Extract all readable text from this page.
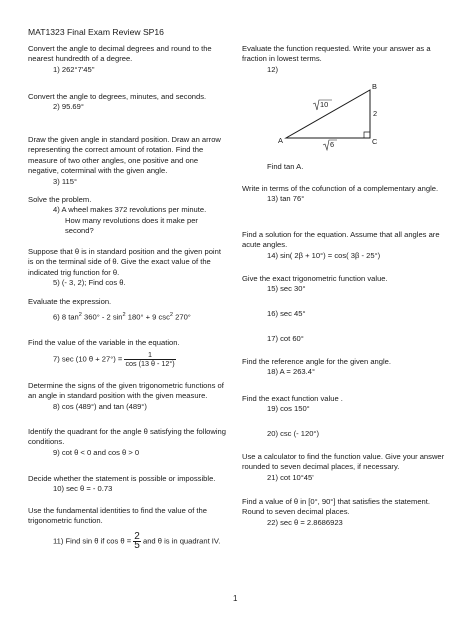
MAT1323 Final Exam Review SP16

Convert the angle to decimal degrees and round to the nearest hundredth of a degree.

1) 262°7'45''

Convert the angle to degrees, minutes, and seconds.

2) 95.69°

Draw the given angle in standard position. Draw an arrow representing the correct amount of rotation. Find the measure of two other angles, one positive and one negative, coterminal with the given angle.

3) 115°

Solve the problem.

4) A wheel makes 372 revolutions per minute.

How many revolutions does it make per second?

Suppose that θ is in standard position and the given point is on the terminal side of θ. Give the exact value of the indicated trig function for θ.

5) (- 3, 2); Find cos θ.

Evaluate the expression.

6) 8 $\tan^2 360^\circ - 2$ $\sin^2 180^\circ + 9$ $\csc^2 270^\circ$

Find the value of the variable in the equation.

7) sec (10 $\theta + 27^\circ) = \frac{1}{\cos (13 \theta - 12^\circ)}$

Determine the signs of the given trigonometric functions of an angle in standard position with the given measure.

8) cos (489°) and tan (489°)

Identify the quadrant for the angle θ satisfying the following conditions.

9) cot θ < 0 and cos θ > 0

Decide whether the statement is possible or impossible.

10) sec θ = - 0.73

Use the fundamental identities to find the value of the trigonometric function.

11) Find sin θ if $\cos \theta = \frac{2}{5}$ and θ is in quadrant IV.

Evaluate the function requested. Write your answer as a fraction in lowest terms.

12)

A
B
C
10
6
2

Find tan A.

Write in terms of the cofunction of a complementary angle.

13) tan 76°

Find a solution for the equation. Assume that all angles are acute angles.

14) sin( 2β + 10°) = cos( 3β - 25°)

Give the exact trigonometric function value.

15) sec 30°

16) sec 45°

17) cot 60°

Find the reference angle for the given angle.

18) A = 263.4°

Find the exact function value .

19) cos 150°

20) csc (- 120°)

Use a calculator to find the function value. Give your answer rounded to seven decimal places, if necessary.

21) cot 10°45'

Find a value of θ in [0°, 90°] that satisfies the statement. Round to seven decimal places.

22) sec θ = 2.8686923

1
